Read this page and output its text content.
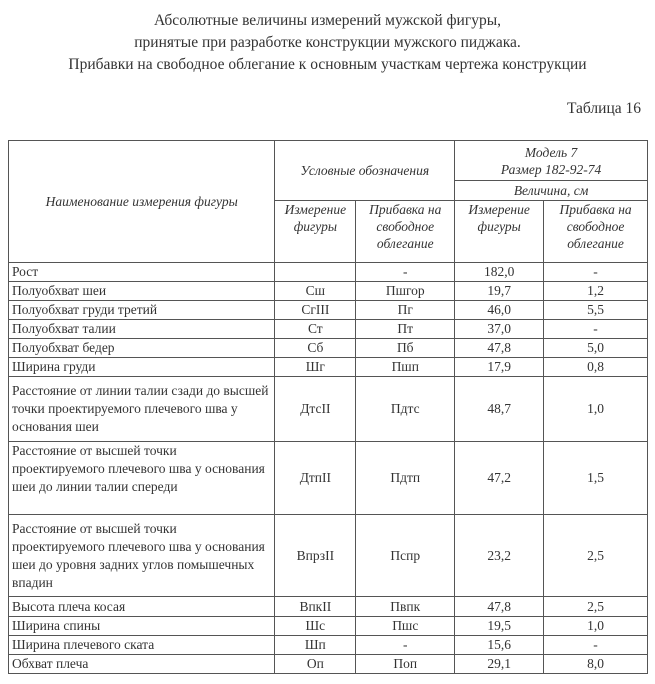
Абсолютные величины измерений мужской фигуры,
принятые при разработке конструкции мужского пиджака.
Прибавки на свободное облегание к основным участкам чертежа конструкции
Таблица 16
Наименование измерения фигуры	Условные обозначения		Модель 7
Размер 182-92-74	

			Величина, см	
	Измерение фигуры	Прибавка на свободное облегание	Измерение фигуры	Прибавка на свободное облегание
Рост		-	182,0	-
Полуобхват шеи	Сш	Пшгор	19,7	1,2
Полуобхват груди третий	СгIII	Пг	46,0	5,5
Полуобхват талии	Ст	Пт	37,0	-
Полуобхват бедер	Сб	Пб	47,8	5,0
Ширина груди	Шг	Пшп	17,9	0,8
Расстояние от линии талии сзади до высшей точки проектируемого плечевого шва у основания шеи	ДтсII	Пдтс	48,7	1,0
Расстояние от высшей точки проектируемого плечевого шва у основания шеи до линии талии спереди	ДтпII	Пдтп	47,2	1,5
Расстояние от высшей точки проектируемого плечевого шва у основания шеи до уровня задних углов помышечных впадин	ВпрзII	Пспр	23,2	2,5
Высота плеча косая	ВпкII	Пвпк	47,8	2,5
Ширина спины	Шс	Пшс	19,5	1,0
Ширина плечевого ската	Шп	-	15,6	-
Обхват плеча	Оп	Поп	29,1	8,0
